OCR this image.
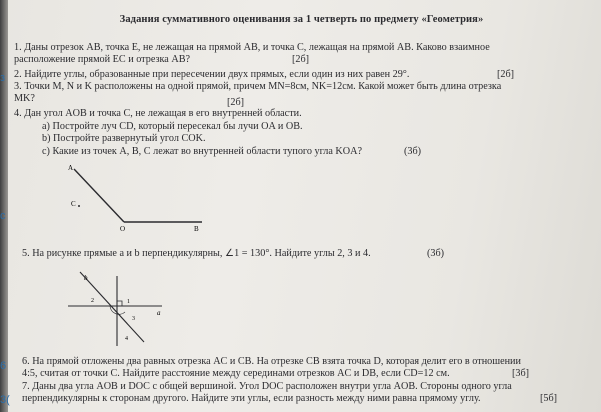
Задания суммативного оценивания за 1 четверть по предмету «Геометрия»
1. Даны отрезок AB, точка E, не лежащая на прямой AB, и точка C, лежащая на прямой AB. Каково взаимное
расположение прямой EC и отрезка AB?	[2б]
2. Найдите углы, образованные при пересечении двух прямых, если один из них равен 29°.	[2б]
3. Точки M, N и K расположены на одной прямой, причем MN=8см, NK=12см. Какой может быть длина отрезка
MK?	[2б]
4. Дан угол AOB и точка C, не лежащая в его внутренней области.
a) Постройте луч CD, который пересекал бы лучи OA и OB.
b) Постройте развернутый угол COK.
c) Какие из точек A, B, C лежат во внутренней области тупого угла KOA?	(3б)
A
C
O	B
5. На рисунке прямые a и b перпендикулярны, ∠1 = 130°. Найдите углы 2, 3 и 4.	(3б)
b
a
1
2
3
4
6. На прямой отложены два равных отрезка AC и CB. На отрезке CB взята точка D, которая делит его в отношении
4:5, считая от точки C. Найдите расстояние между серединами отрезков AC и DB, если CD=12 см.	[3б]
7. Даны два угла AOB и DOC с общей вершиной. Угол DOC расположен внутри угла AOB. Стороны одного угла
перпендикулярны к сторонам другого. Найдите эти углы, если разность между ними равна прямому углу.	[5б]
з
с
6
3(
